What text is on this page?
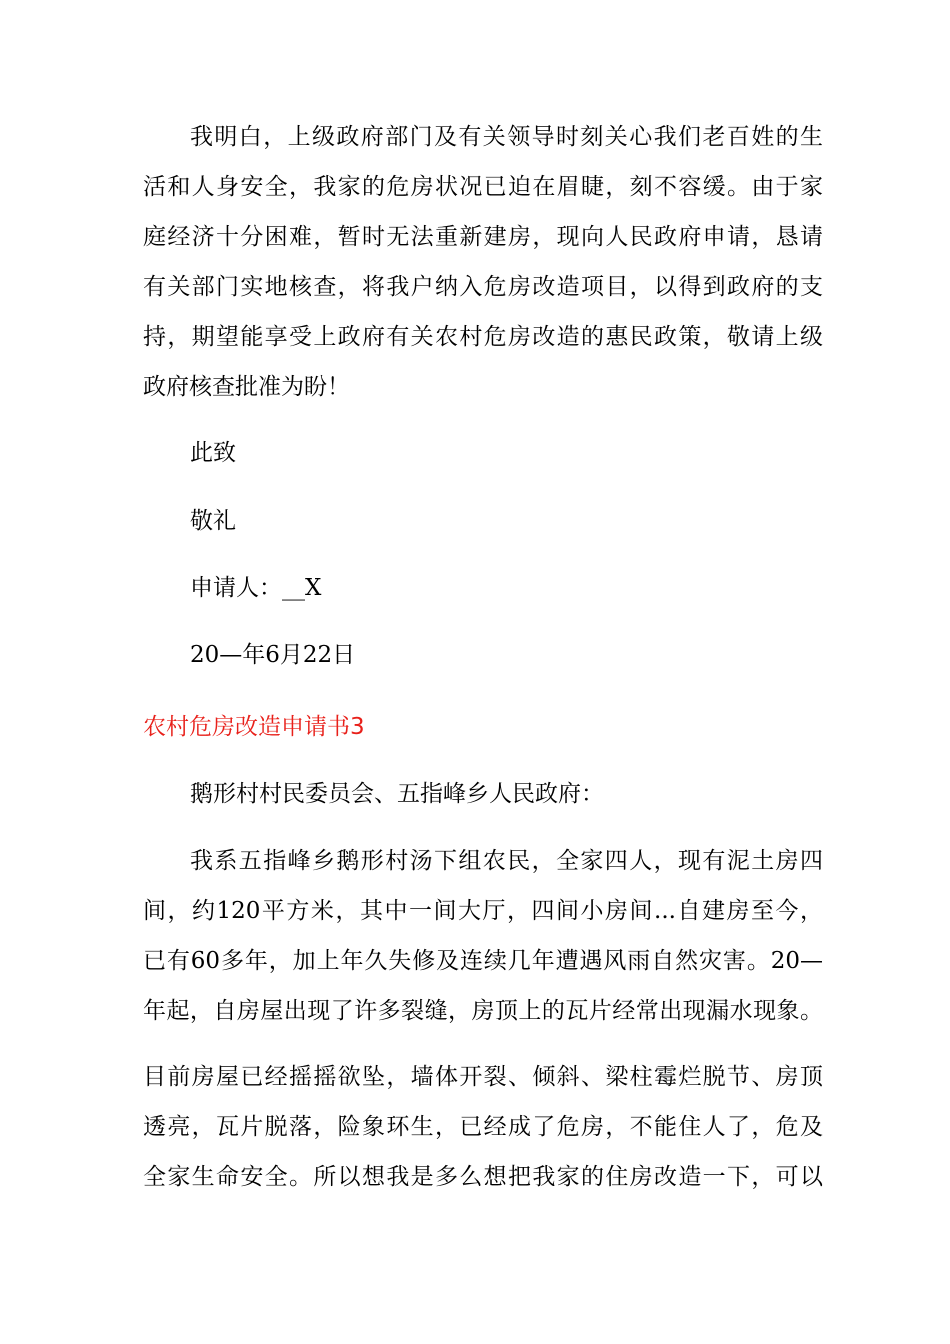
我明白，上级政府部门及有关领导时刻关心我们老百姓的生
活和人身安全，我家的危房状况已迫在眉睫，刻不容缓。由于家
庭经济十分困难，暂时无法重新建房，现向人民政府申请，恳请
有关部门实地核查，将我户纳入危房改造项目，以得到政府的支
持，期望能享受上政府有关农村危房改造的惠民政策，敬请上级
政府核查批准为盼！
此致
敬礼
申请人：__X
20—年6月22日
农村危房改造申请书3
鹅形村村民委员会、五指峰乡人民政府：
我系五指峰乡鹅形村汤下组农民，全家四人，现有泥土房四
间，约120平方米，其中一间大厅，四间小房间...自建房至今，
已有60多年，加上年久失修及连续几年遭遇风雨自然灾害。20—
年起，自房屋出现了许多裂缝，房顶上的瓦片经常出现漏水现象。
目前房屋已经摇摇欲坠，墙体开裂、倾斜、梁柱霉烂脱节、房顶
透亮，瓦片脱落，险象环生，已经成了危房，不能住人了，危及
全家生命安全。所以想我是多么想把我家的住房改造一下，可以
